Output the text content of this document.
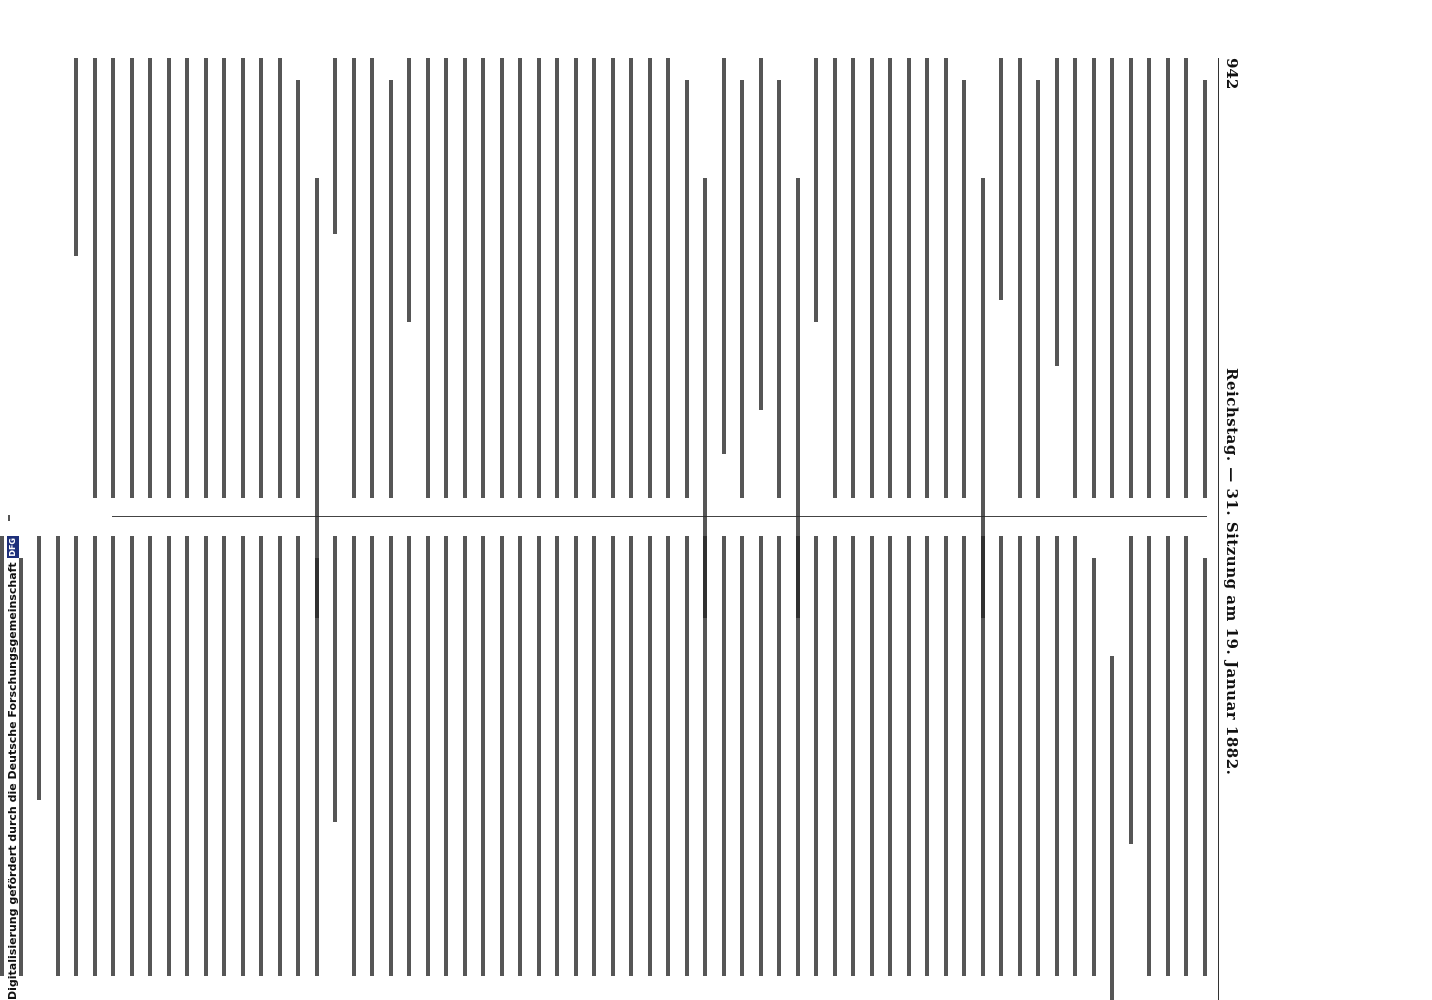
942
Reichstag. — 31. Sitzung am 19. Januar 1882.
Digitalisierung gefördert durch die Deutsche ForschungsgemeinschaftDFG
